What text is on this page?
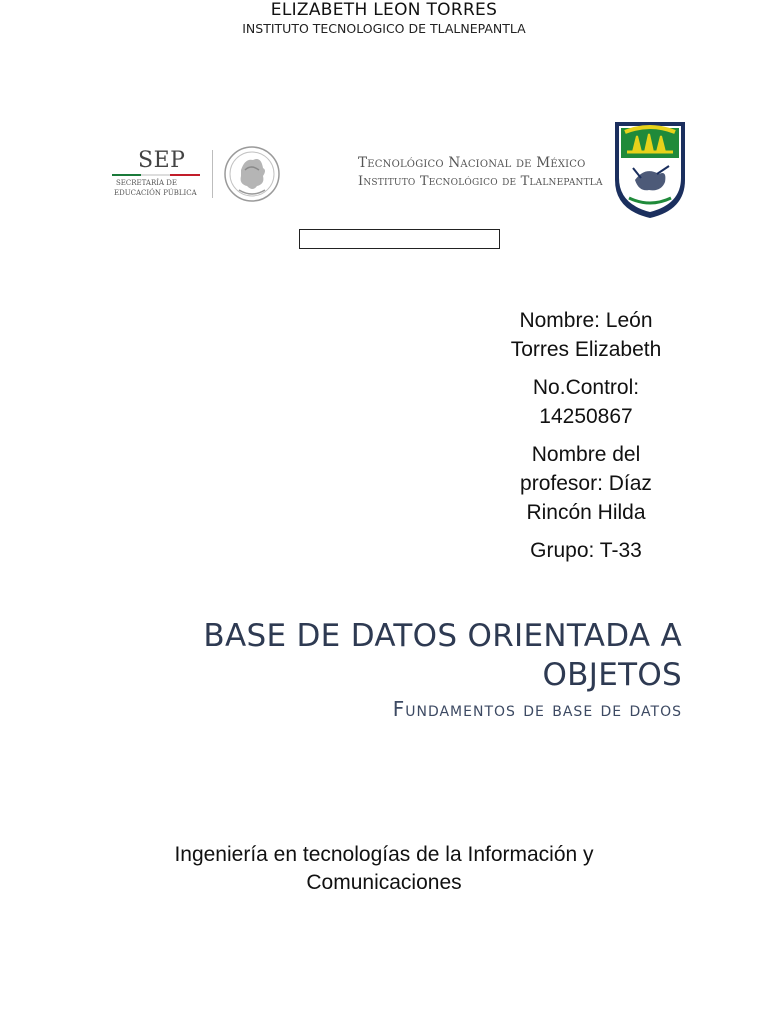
ELIZABETH LEON TORRES
INSTITUTO TECNOLOGICO DE TLALNEPANTLA
SEP
SECRETARÍA DE
EDUCACIÓN PÚBLICA
Tecnológico Nacional de México
Instituto Tecnológico de Tlalnepantla

Nombre: León Torres Elizabeth

No.Control: 14250867

Nombre del profesor: Díaz Rincón Hilda

Grupo: T-33

BASE DE DATOS ORIENTADA A OBJETOS
Fundamentos de base de datos
Ingeniería en tecnologías de la Información y
Comunicaciones
